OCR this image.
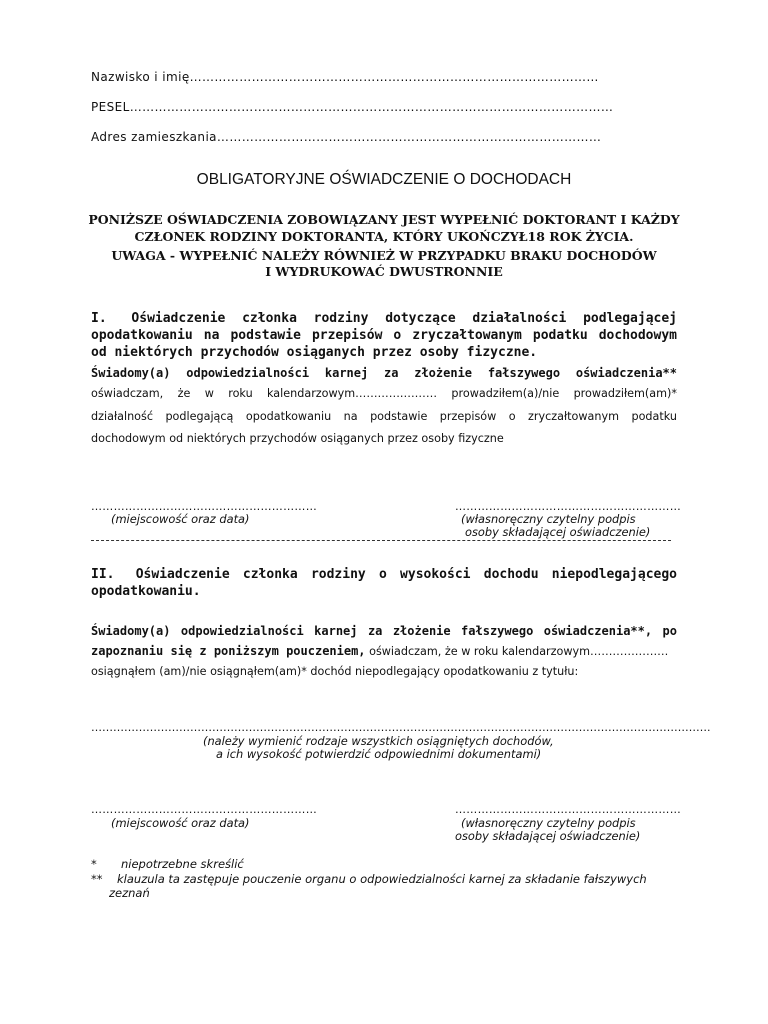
Nazwisko i imię………………………………………………………………………………………
PESEL………………………………………………………………………………………………………
Adres zamieszkania…………………………………………………………………………………
OBLIGATORYJNE OŚWIADCZENIE O DOCHODACH
PONIŻSZE OŚWIADCZENIA ZOBOWIĄZANY JEST WYPEŁNIĆ DOKTORANT I KAŻDY
CZŁONEK RODZINY DOKTORANTA, KTÓRY UKOŃCZYŁ18 ROK ŻYCIA.
UWAGA - WYPEŁNIĆ NALEŻY RÓWNIEŻ W PRZYPADKU BRAKU DOCHODÓW
I WYDRUKOWAĆ DWUSTRONNIE
I. Oświadczenie członka rodziny dotyczące działalności podlegającej opodatkowaniu na podstawie przepisów o zryczałtowanym podatku dochodowym od niektórych przychodów osiąganych przez osoby fizyczne.
Świadomy(a) odpowiedzialności karnej za złożenie fałszywego oświadczenia**
oświadczam, że w roku kalendarzowym………….……… prowadziłem(a)/nie prowadziłem(am)*
działalność podlegającą opodatkowaniu na podstawie przepisów o zryczałtowanym podatku
dochodowym od niektórych przychodów osiąganych przez osoby fizyczne
……………………………………………………	……………………………………………………
(miejscowość oraz data)	(własnoręczny czytelny podpis
osoby składającej oświadczenie)
II. Oświadczenie członka rodziny o wysokości dochodu niepodlegającego opodatkowaniu.
Świadomy(a) odpowiedzialności karnej za złożenie fałszywego oświadczenia**, po
zapoznaniu się z poniższym pouczeniem, oświadczam, że w roku kalendarzowym…………………
osiągnąłem (am)/nie osiągnąłem(am)* dochód niepodlegający opodatkowaniu z tytułu:
…………………………………………………………………………………………………………………………………………………….
(należy wymienić rodzaje wszystkich osiągniętych dochodów,
a ich wysokość potwierdzić odpowiednimi dokumentami)
……………………………………………………	……………………………………………………
(miejscowość oraz data)	(własnoręczny czytelny podpis
osoby składającej oświadczenie)
* niepotrzebne skreślić
** klauzula ta zastępuje pouczenie organu o odpowiedzialności karnej za składanie fałszywych
zeznań
